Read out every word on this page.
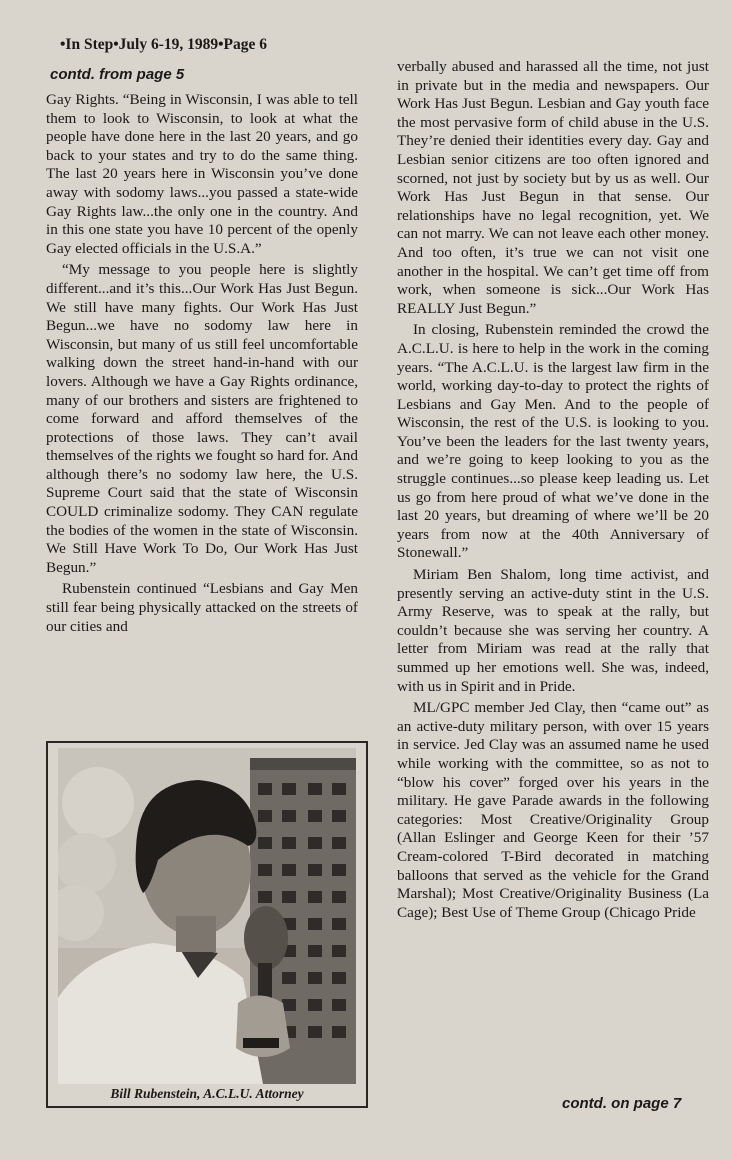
•In Step•July 6-19, 1989•Page 6
contd. from page 5

Gay Rights. “Being in Wisconsin, I was able to tell them to look to Wisconsin, to look at what the people have done here in the last 20 years, and go back to your states and try to do the same thing. The last 20 years here in Wisconsin you’ve done away with sodomy laws...you passed a state-wide Gay Rights law...the only one in the country. And in this one state you have 10 percent of the openly Gay elected officials in the U.S.A.”

“My message to you people here is slightly different...and it’s this...Our Work Has Just Begun. We still have many fights. Our Work Has Just Begun...we have no sodomy law here in Wisconsin, but many of us still feel uncomfortable walking down the street hand-in-hand with our lovers. Although we have a Gay Rights ordinance, many of our brothers and sisters are frightened to come forward and afford themselves of the protections of those laws. They can’t avail themselves of the rights we fought so hard for. And although there’s no sodomy law here, the U.S. Supreme Court said that the state of Wisconsin COULD criminalize sodomy. They CAN regulate the bodies of the women in the state of Wisconsin. We Still Have Work To Do, Our Work Has Just Begun.”

Rubenstein continued “Lesbians and Gay Men still fear being physically attacked on the streets of our cities and

Bill Rubenstein, A.C.L.U. Attorney

verbally abused and harassed all the time, not just in private but in the media and newspapers. Our Work Has Just Begun. Lesbian and Gay youth face the most pervasive form of child abuse in the U.S. They’re denied their identities every day. Gay and Lesbian senior citizens are too often ignored and scorned, not just by society but by us as well. Our Work Has Just Begun in that sense. Our relationships have no legal recognition, yet. We can not marry. We can not leave each other money. And too often, it’s true we can not visit one another in the hospital. We can’t get time off from work, when someone is sick...Our Work Has REALLY Just Begun.”

In closing, Rubenstein reminded the crowd the A.C.L.U. is here to help in the work in the coming years. “The A.C.L.U. is the largest law firm in the world, working day-to-day to protect the rights of Lesbians and Gay Men. And to the people of Wisconsin, the rest of the U.S. is looking to you. You’ve been the leaders for the last twenty years, and we’re going to keep looking to you as the struggle continues...so please keep leading us. Let us go from here proud of what we’ve done in the last 20 years, but dreaming of where we’ll be 20 years from now at the 40th Anniversary of Stonewall.”

Miriam Ben Shalom, long time activist, and presently serving an active-duty stint in the U.S. Army Reserve, was to speak at the rally, but couldn’t because she was serving her country. A letter from Miriam was read at the rally that summed up her emotions well. She was, indeed, with us in Spirit and in Pride.

ML/GPC member Jed Clay, then “came out” as an active-duty military person, with over 15 years in service. Jed Clay was an assumed name he used while working with the committee, so as not to “blow his cover” forged over his years in the military. He gave Parade awards in the following categories: Most Creative/Originality Group (Allan Eslinger and George Keen for their ’57 Cream-colored T-Bird decorated in matching balloons that served as the vehicle for the Grand Marshal); Most Creative/Originality Business (La Cage); Best Use of Theme Group (Chicago Pride

contd. on page 7
